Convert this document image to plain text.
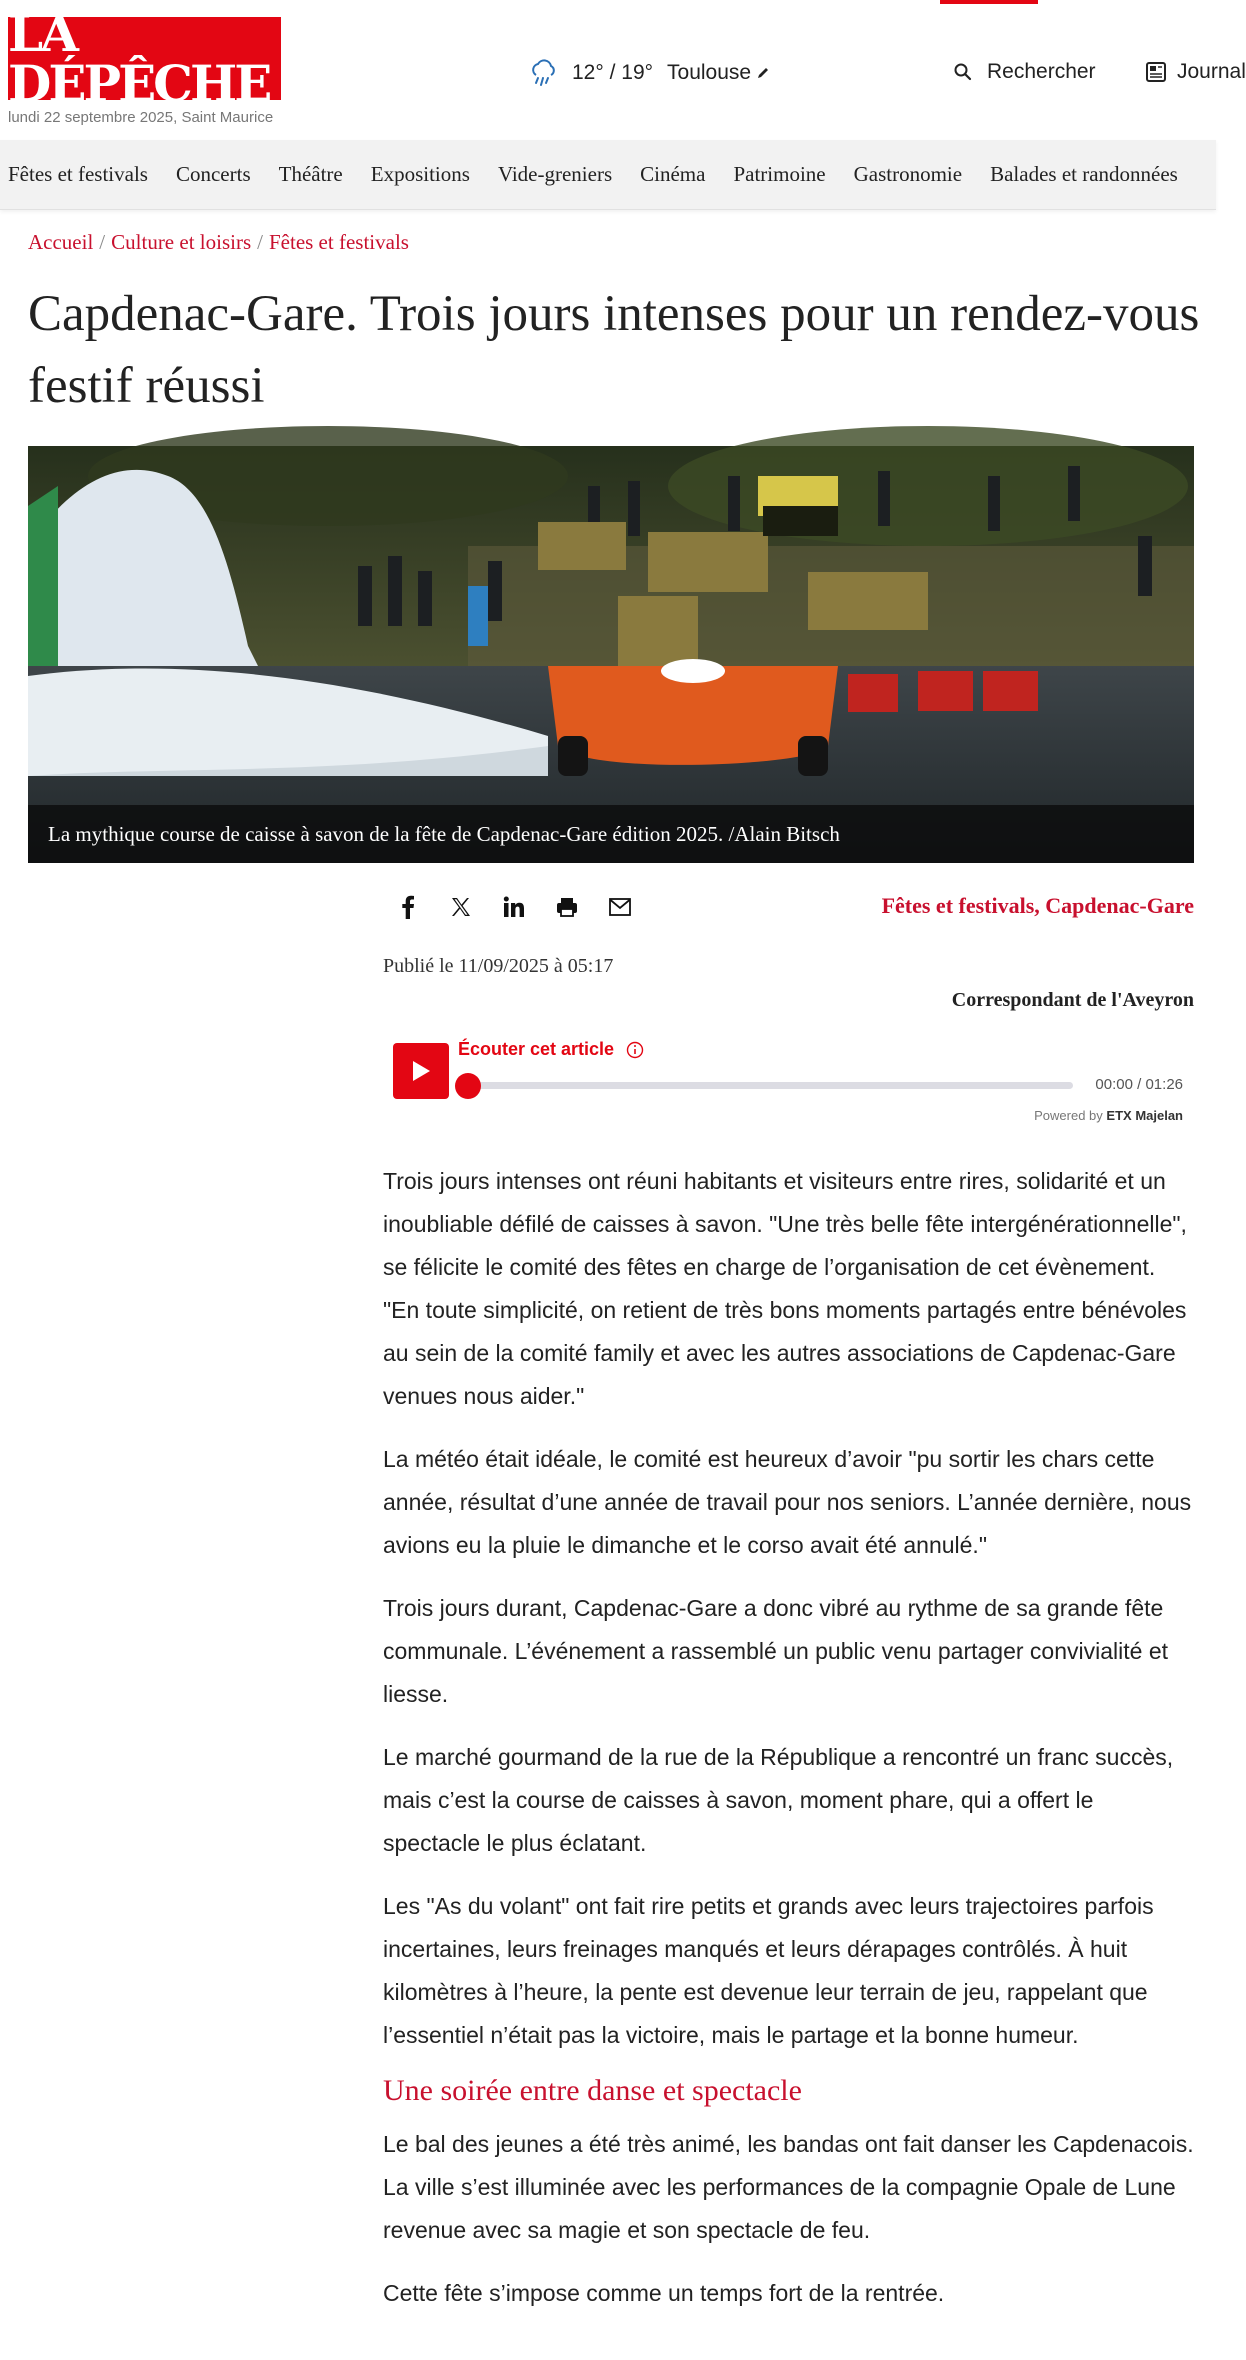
LA DÉPÊCHE
lundi 22 septembre 2025, Saint Maurice
12° / 19° Toulouse	Rechercher	Journal
Fêtes et festivals Concerts Théâtre Expositions Vide-greniers Cinéma Patrimoine Gastronomie Balades et randonnées
Accueil / Culture et loisirs / Fêtes et festivals
Capdenac-Gare. Trois jours intenses pour un rendez-vous festif réussi
La mythique course de caisse à savon de la fête de Capdenac-Gare édition 2025. /Alain Bitsch
Fêtes et festivals, Capdenac-Gare
Publié le 11/09/2025 à 05:17
Correspondant de l'Aveyron
Écouter cet article
00:00 / 01:26
Powered by ETX Majelan

Trois jours intenses ont réuni habitants et visiteurs entre rires, solidarité et un inoubliable défilé de caisses à savon. "Une très belle fête intergénérationnelle", se félicite le comité des fêtes en charge de l’organisation de cet évènement. "En toute simplicité, on retient de très bons moments partagés entre bénévoles au sein de la comité family et avec les autres associations de Capdenac-Gare venues nous aider."

La météo était idéale, le comité est heureux d’avoir "pu sortir les chars cette année, résultat d’une année de travail pour nos seniors. L’année dernière, nous avions eu la pluie le dimanche et le corso avait été annulé."

Trois jours durant, Capdenac-Gare a donc vibré au rythme de sa grande fête communale. L’événement a rassemblé un public venu partager convivialité et liesse.

Le marché gourmand de la rue de la République a rencontré un franc succès, mais c’est la course de caisses à savon, moment phare, qui a offert le spectacle le plus éclatant.

Les "As du volant" ont fait rire petits et grands avec leurs trajectoires parfois incertaines, leurs freinages manqués et leurs dérapages contrôlés. À huit kilomètres à l’heure, la pente est devenue leur terrain de jeu, rappelant que l’essentiel n’était pas la victoire, mais le partage et la bonne humeur.

Une soirée entre danse et spectacle

Le bal des jeunes a été très animé, les bandas ont fait danser les Capdenacois. La ville s’est illuminée avec les performances de la compagnie Opale de Lune revenue avec sa magie et son spectacle de feu.

Cette fête s’impose comme un temps fort de la rentrée.
